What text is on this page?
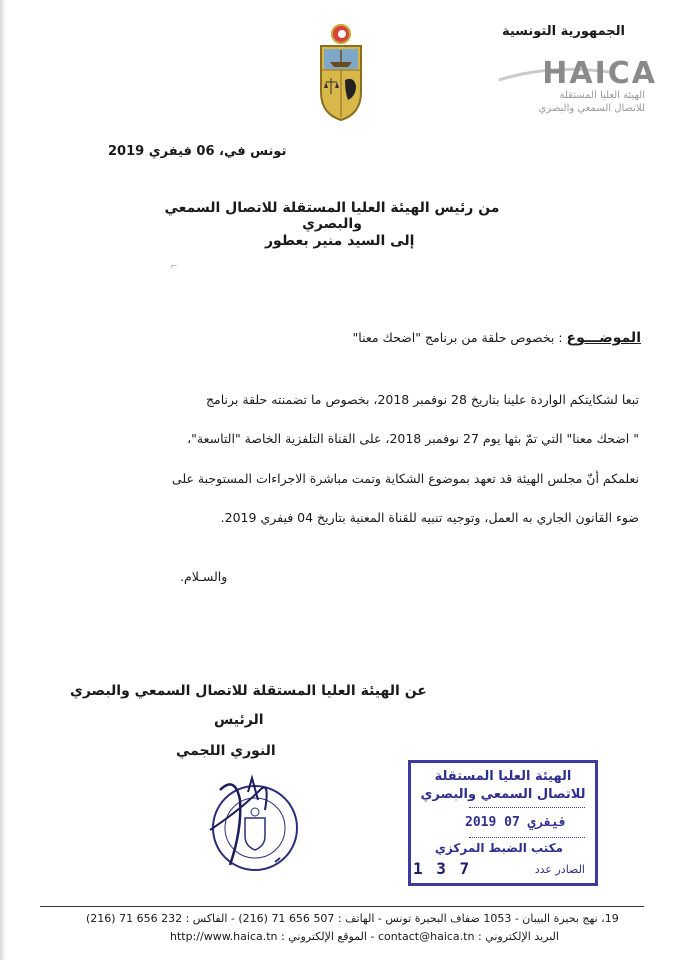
الجمهورية التونسية
HAICA
الهيئة العليا المستقلة
للاتصال السمعي والبصري
تونس في، 06 فيفري 2019
من رئيس الهيئة العليا المستقلة للاتصال السمعي والبصري
إلى السيد منير بعطور
⌐
الموضـــوع : بخصوص حلقة من برنامج "اضحك معنا"
تبعا لشكايتكم الواردة علينا بتاريخ 28 نوفمبر 2018، بخصوص ما تضمنته حلقة برنامج
" اضحك معنا" التي تمّ بثها يوم 27 نوفمبر 2018، على القناة التلفزية الخاصة "التاسعة"،
نعلمكم أنّ مجلس الهيئة قد تعهد بموضوع الشكاية وتمت مباشرة الاجراءات المستوجبة على
ضوء القانون الجاري به العمل، وتوجيه تنبيه للقناة المعنية بتاريخ 04 فيفري 2019.
والسـلام.
عن الهيئة العليا المستقلة للاتصال السمعي والبصري
الرئيس
النوري اللجمي
الهيئة العليا المستقلة
للاتصال السمعي والبصري
2019 فيفري 07
مكتب الضبط المركزي
الصادر عدد
1 3 7
19، نهج بحيرة البيبان - 1053 ضفاف البحيرة تونس - الهاتف : 507 656 71 (216) - الفاكس : 232 656 71 (216)
البريد الإلكتروني : contact@haica.tn - الموقع الإلكتروني : http://www.haica.tn
